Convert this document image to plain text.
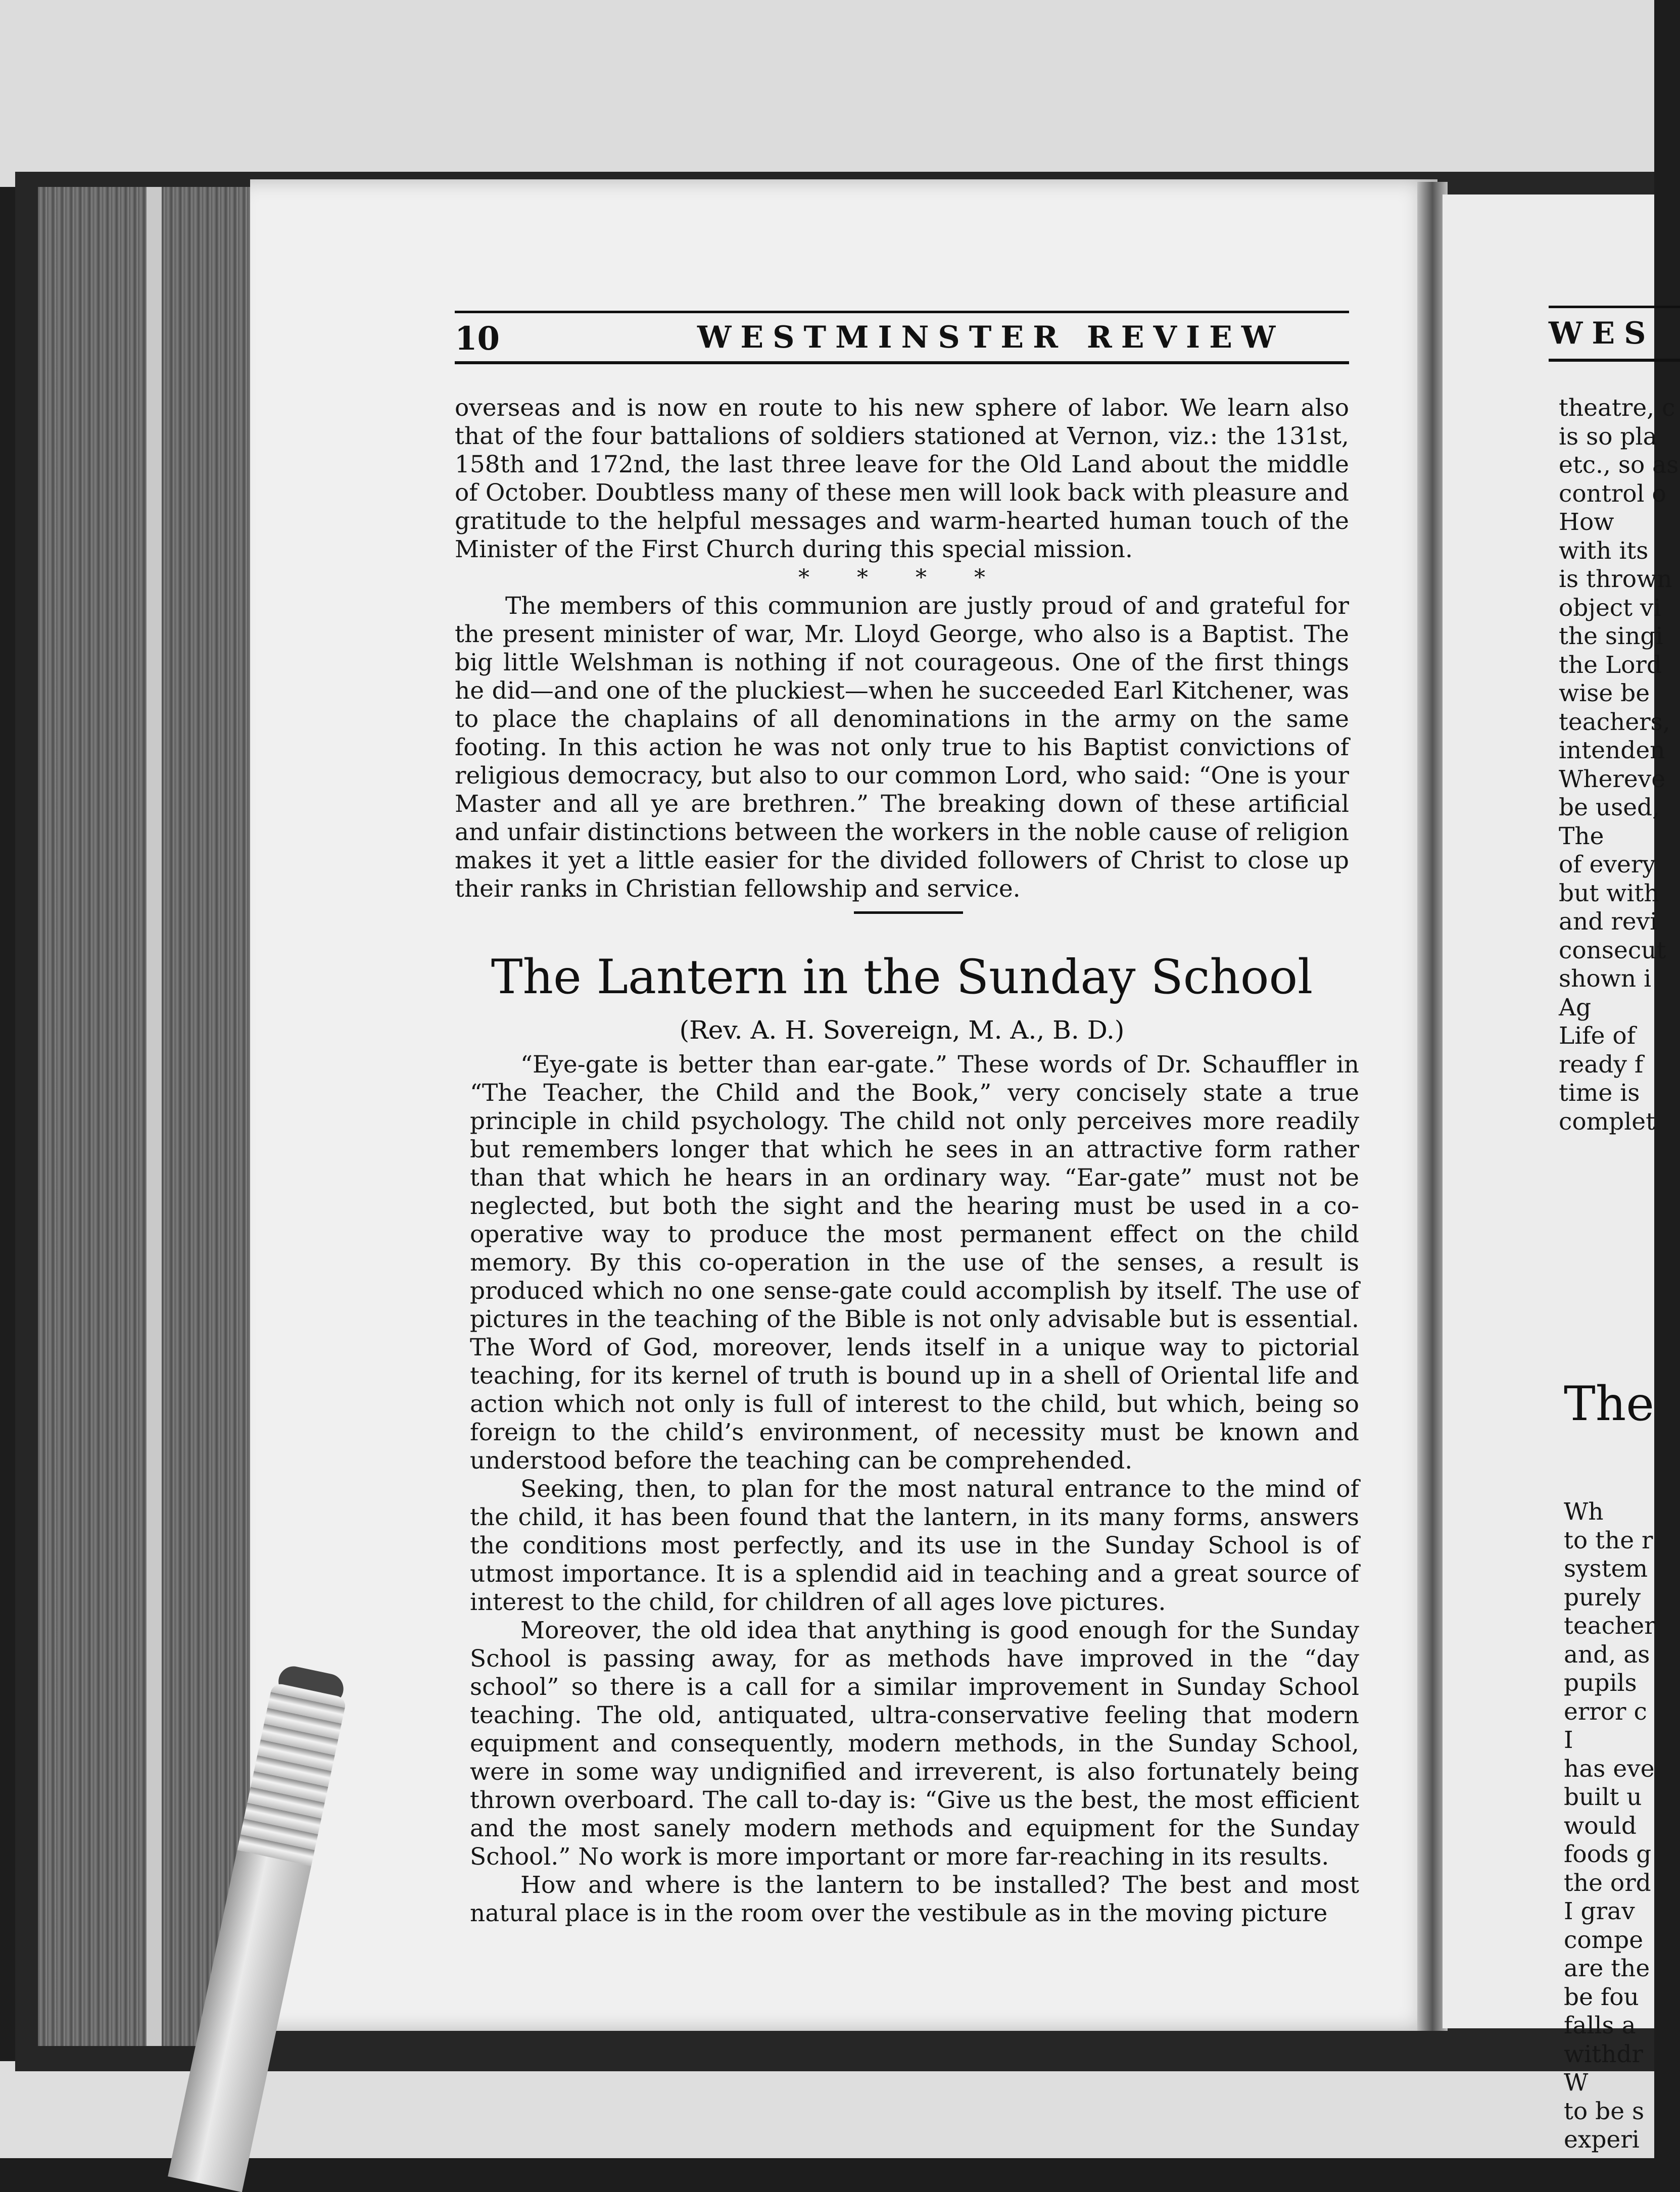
WES
theatre, c
is so pla
etc., so as
control o
How
with its
is thrown
object vi
the singi
the Lord
wise be
teachers,
intenden
Whereve
be used,
The
of every
but with
and revi
consecut
shown i
Ag
Life of
ready f
time is
complet
The
Wh
to the r
system
purely
teacher
and, as
pupils
error c
I
has eve
built u
would
foods g
the ord
I grav
compe
are the
be fou
falls a
withdr
W
to be s
experi
10	WESTMINSTER REVIEW

overseas and is now en route to his new sphere of labor. We learn also that of the four battalions of soldiers stationed at Vernon, viz.: the 131st, 158th and 172nd, the last three leave for the Old Land about the middle of October. Doubtless many of these men will look back with pleasure and gratitude to the helpful messages and warm-hearted human touch of the Minister of the First Church during this special mission.

* * * *

The members of this communion are justly proud of and grateful for the present minister of war, Mr. Lloyd George, who also is a Baptist. The big little Welshman is nothing if not courageous. One of the first things he did—and one of the pluckiest—when he succeeded Earl Kitchener, was to place the chaplains of all denominations in the army on the same footing. In this action he was not only true to his Baptist convictions of religious democracy, but also to our common Lord, who said: “One is your Master and all ye are brethren.” The breaking down of these artificial and unfair distinctions between the workers in the noble cause of religion makes it yet a little easier for the divided followers of Christ to close up their ranks in Christian fellowship and service.

The Lantern in the Sunday School
(Rev. A. H. Sovereign, M. A., B. D.)

“Eye-gate is better than ear-gate.” These words of Dr. Schauffler in “The Teacher, the Child and the Book,” very concisely state a true principle in child psychology. The child not only perceives more readily but remembers longer that which he sees in an attractive form rather than that which he hears in an ordinary way. “Ear-gate” must not be neglected, but both the sight and the hearing must be used in a co-operative way to produce the most permanent effect on the child memory. By this co-operation in the use of the senses, a result is produced which no one sense-gate could accomplish by itself. The use of pictures in the teaching of the Bible is not only advisable but is essential. The Word of God, moreover, lends itself in a unique way to pictorial teaching, for its kernel of truth is bound up in a shell of Oriental life and action which not only is full of interest to the child, but which, being so foreign to the child’s environment, of necessity must be known and understood before the teaching can be comprehended.

Seeking, then, to plan for the most natural entrance to the mind of the child, it has been found that the lantern, in its many forms, answers the conditions most perfectly, and its use in the Sunday School is of utmost importance. It is a splendid aid in teaching and a great source of interest to the child, for children of all ages love pictures.

Moreover, the old idea that anything is good enough for the Sunday School is passing away, for as methods have improved in the “day school” so there is a call for a similar improvement in Sunday School teaching. The old, antiquated, ultra-conservative feeling that modern equipment and consequently, modern methods, in the Sunday School, were in some way undignified and irreverent, is also fortunately being thrown overboard. The call to-day is: “Give us the best, the most efficient and the most sanely modern methods and equipment for the Sunday School.” No work is more important or more far-reaching in its results.

How and where is the lantern to be installed? The best and most natural place is in the room over the vestibule as in the moving picture
